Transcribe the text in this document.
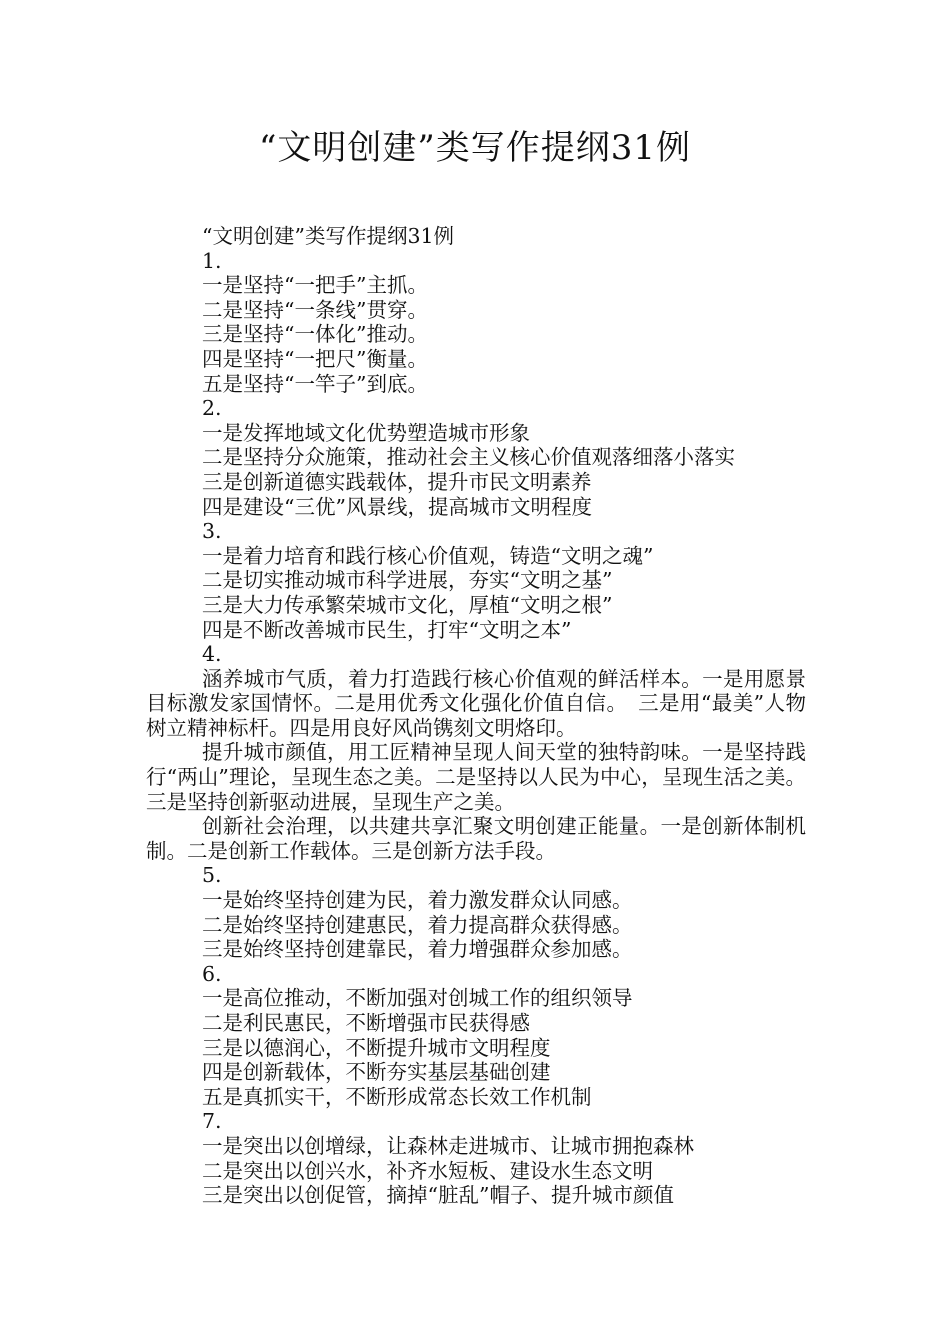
“文明创建”类写作提纲31例

“文明创建”类写作提纲31例

1.

一是坚持“一把手”主抓。

二是坚持“一条线”贯穿。

三是坚持“一体化”推动。

四是坚持“一把尺”衡量。

五是坚持“一竿子”到底。

2.

一是发挥地域文化优势塑造城市形象

二是坚持分众施策，推动社会主义核心价值观落细落小落实

三是创新道德实践载体，提升市民文明素养

四是建设“三优”风景线，提高城市文明程度

3.

一是着力培育和践行核心价值观，铸造“文明之魂”

二是切实推动城市科学进展，夯实“文明之基”

三是大力传承繁荣城市文化，厚植“文明之根”

四是不断改善城市民生，打牢“文明之本”

4.

涵养城市气质，着力打造践行核心价值观的鲜活样本。一是用愿景目标激发家国情怀。二是用优秀文化强化价值自信。　三是用“最美”人物树立精神标杆。四是用良好风尚镌刻文明烙印。

提升城市颜值，用工匠精神呈现人间天堂的独特韵味。一是坚持践行“两山”理论，呈现生态之美。二是坚持以人民为中心，呈现生活之美。三是坚持创新驱动进展，呈现生产之美。

创新社会治理，以共建共享汇聚文明创建正能量。一是创新体制机制。二是创新工作载体。三是创新方法手段。

5.

一是始终坚持创建为民，着力激发群众认同感。

二是始终坚持创建惠民，着力提高群众获得感。

三是始终坚持创建靠民，着力增强群众参加感。

6.

一是高位推动，不断加强对创城工作的组织领导

二是利民惠民，不断增强市民获得感

三是以德润心，不断提升城市文明程度

四是创新载体，不断夯实基层基础创建

五是真抓实干，不断形成常态长效工作机制

7.

一是突出以创增绿，让森林走进城市、让城市拥抱森林

二是突出以创兴水，补齐水短板、建设水生态文明

三是突出以创促管，摘掉“脏乱”帽子、提升城市颜值
